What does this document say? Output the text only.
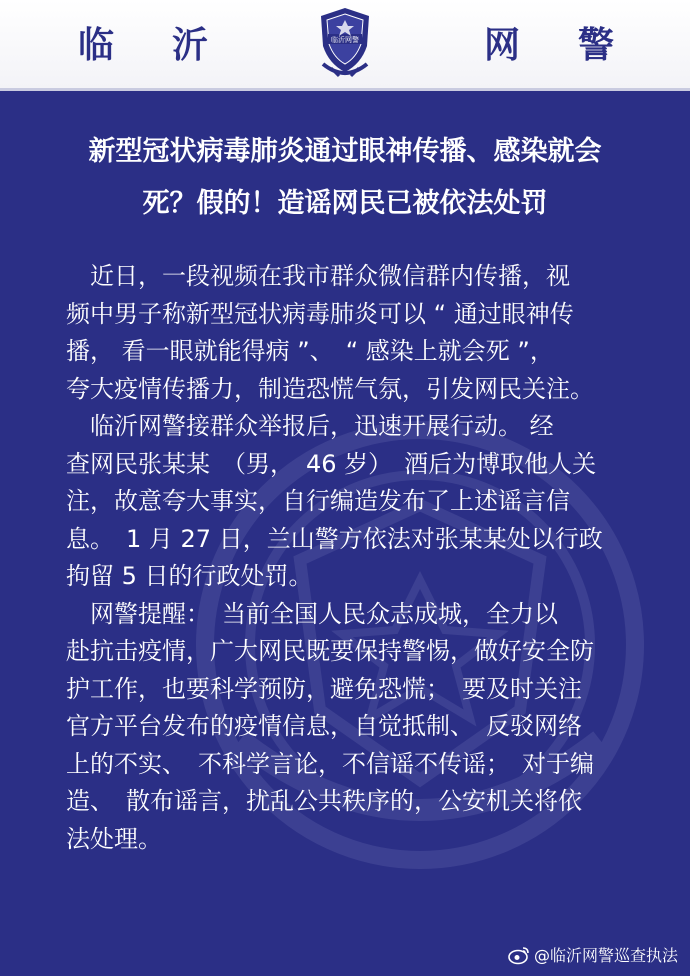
临沂	临沂网警	网警
新型冠状病毒肺炎通过眼神传播、感染就会
死？假的！造谣网民已被依法处罚
　近日，一段视频在我市群众微信群内传播，视
频中男子称新型冠状病毒肺炎可以 “ 通过眼神传
播， 看一眼就能得病 ”、　“ 感染上就会死 ”，
夸大疫情传播力，制造恐慌气氛，引发网民关注。
　临沂网警接群众举报后，迅速开展行动。 经
查网民张某某　（男，　46 岁）　酒后为博取他人关
注，故意夸大事实，自行编造发布了上述谣言信
息。　1 月 27 日，兰山警方依法对张某某处以行政
拘留 5 日的行政处罚。
　网警提醒：　当前全国人民众志成城，全力以
赴抗击疫情，广大网民既要保持警惕，做好安全防
护工作，也要科学预防，避免恐慌；　要及时关注
官方平台发布的疫情信息，自觉抵制、　反驳网络
上的不实、　不科学言论，不信谣不传谣；　对于编
造、　散布谣言，扰乱公共秩序的，公安机关将依
法处理。
@临沂网警巡查执法
